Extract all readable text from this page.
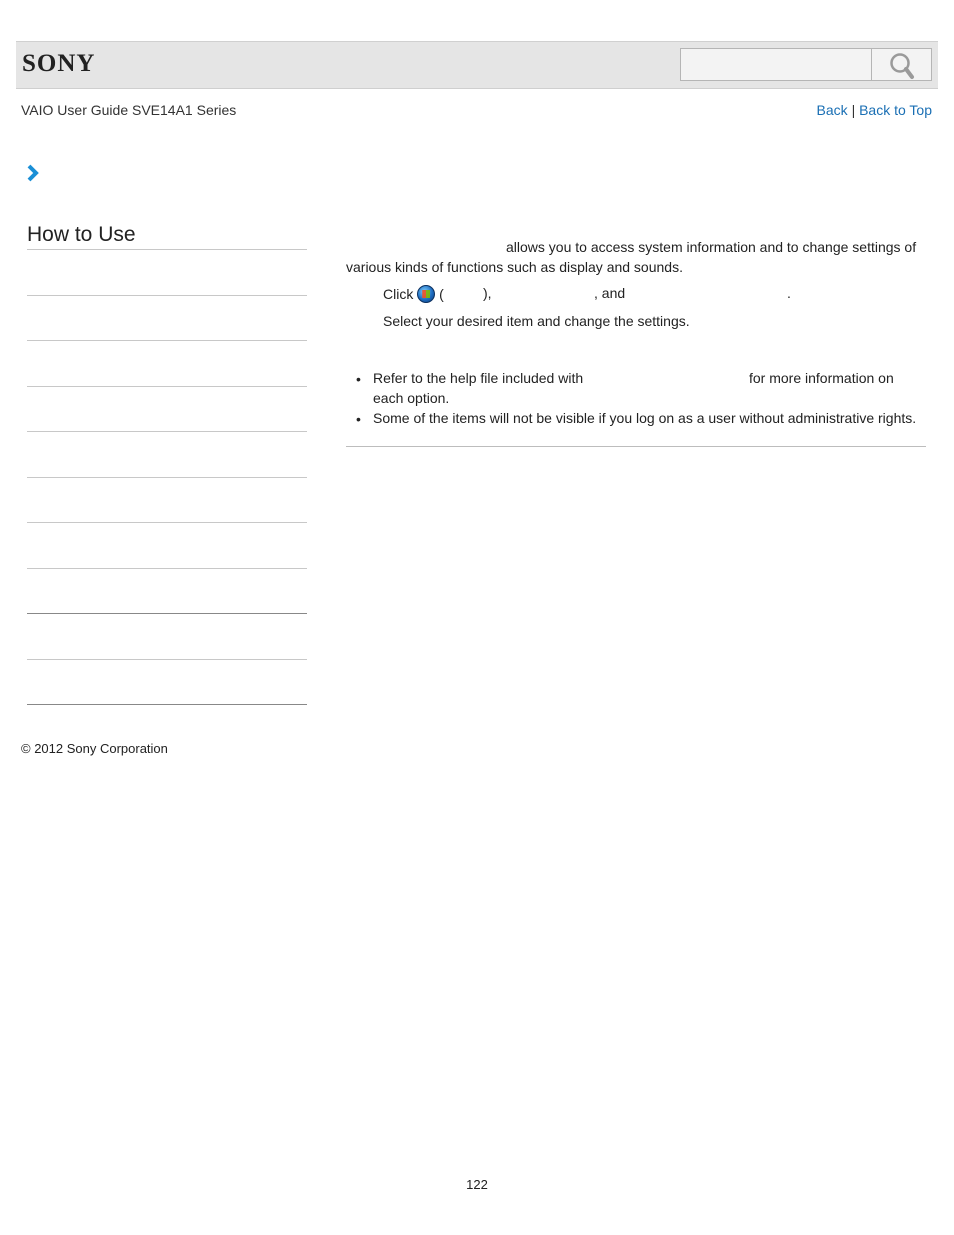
SONY
VAIO User Guide SVE14A1 Series	Back | Back to Top
How to Use
allows you to access system information and to change settings of
various kinds of functions such as display and sounds.
Click (	),	, and	.
Select your desired item and change the settings.
• Refer to the help file included with	for more information on
each option.
• Some of the items will not be visible if you log on as a user without administrative rights.
© 2012 Sony Corporation
122
